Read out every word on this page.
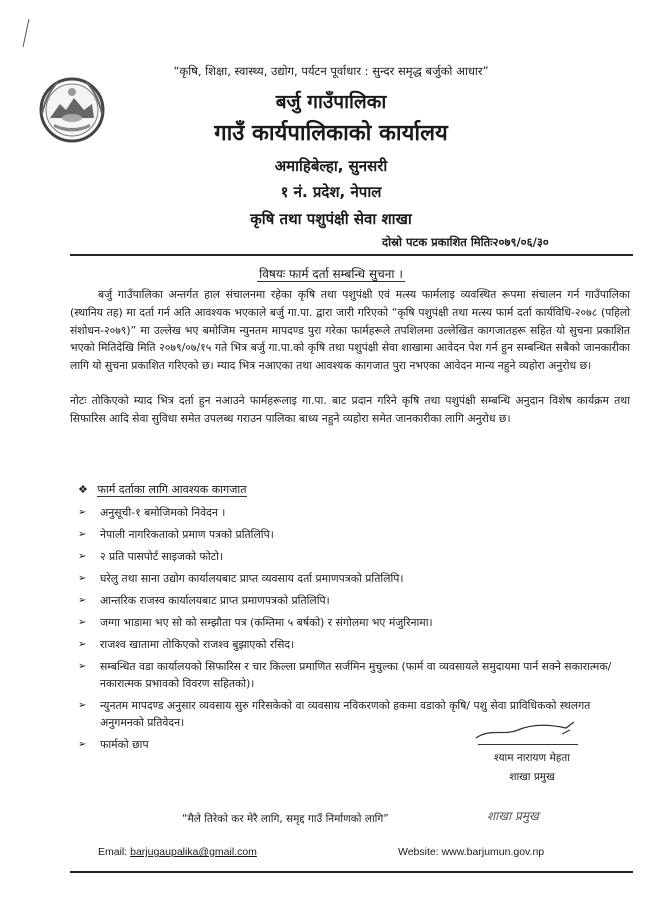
“कृषि, शिक्षा, स्वास्थ्य, उद्योग, पर्यटन पूर्वाधार : सुन्दर समृद्ध बर्जुको आधार”
बर्जु गाउँपालिका
गाउँ कार्यपालिकाको कार्यालय
अमाहिबेल्हा, सुनसरी
१ नं. प्रदेश, नेपाल
कृषि तथा पशुपंक्षी सेवा शाखा
दोस्रो पटक प्रकाशित मितिः२०७९/०६/३०
विषयः फार्म दर्ता सम्बन्धि सुचना ।
बर्जु गाउँपालिका अन्तर्गत हाल संचालनमा रहेका कृषि तथा पशुपंक्षी एवं मत्स्य फार्मलाइ व्यवस्थित रूपमा संचालन गर्न गाउँपालिका (स्थानिय तह) मा दर्ता गर्न अति आवश्यक भएकाले बर्जु गा.पा. द्वारा जारी गरिएको “कृषि पशुपंक्षी तथा मत्स्य फार्म दर्ता कार्यविधि-२०७८ (पहिलो संशोधन-२०७९)” मा उल्लेख भए बमोजिम न्युनतम मापदण्ड पुरा गरेका फार्महरूले तपशिलमा उल्लेखित कागजातहरू सहित यो सुचना प्रकाशित भएको मितिदेखि मिति २०७९/०७/१५ गते भित्र बर्जु गा.पा.को कृषि तथा पशुपंक्षी सेवा शाखामा आवेदन पेश गर्न हुन सम्बन्धित सबैको जानकारीका लागि यो सुचना प्रकाशित गरिएको छ। म्याद भित्र नआएका तथा आवश्यक कागजात पुरा नभएका आवेदन मान्य नहुने व्यहोरा अनुरोध छ।
नोटः तोकिएको म्याद भित्र दर्ता हुन नआउने फार्महरूलाइ गा.पा. बाट प्रदान गरिने कृषि तथा पशुपंक्षी सम्बन्धि अनुदान विशेष कार्यक्रम तथा सिफारिस आदि सेवा सुविधा समेत उपलब्ध गराउन पालिका बाध्य नहुने व्यहोरा समेत जानकारीका लागि अनुरोध छ।
❖ फार्म दर्ताका लागि आवश्यक कागजात
➢ अनुसूची-१ बमोजिमको निवेदन ।
➢ नेपाली नागरिकताको प्रमाण पत्रको प्रतिलिपि।
➢ २ प्रति पासपोर्ट साइजको फोटो।
➢ घरेलु तथा साना उद्योग कार्यालयबाट प्राप्त व्यवसाय दर्ता प्रमाणपत्रको प्रतिलिपि।
➢ आन्तरिक राजस्व कार्यालयबाट प्राप्त प्रमाणपत्रको प्रतिलिपि।
➢ जग्गा भाडामा भए सो को सम्झौता पत्र (कम्तिमा ५ बर्षको) र संगोलमा भए मंजुरिनामा।
➢ राजश्व खातामा तोकिएको राजश्व बुझाएको रसिद।
➢ सम्बन्धित वडा कार्यालयको सिफारिस र चार किल्ला प्रमाणित सर्जमिन मुचुल्का (फार्म वा व्यवसायले समुदायमा पार्न सक्ने सकारात्मक/ नकारात्मक प्रभावको विवरण सहितको)।
➢ न्युनतम मापदण्ड अनुसार व्यवसाय सुरु गरिसकेको वा व्यवसाय नविकरणको हकमा वडाको कृषि/ पशु सेवा प्राविधिकको स्थलगत अनुगमनको प्रतिवेदन।
➢ फार्मको छाप
श्याम नारायण मेहता
शाखा प्रमुख
“मैले तिरेको कर मेरै लागि, समृद्द गाउँ निर्माणको लागि”	शाखा प्रमुख
Email: barjugaupalika@gmail.com	Website: www.barjumun.gov.np
